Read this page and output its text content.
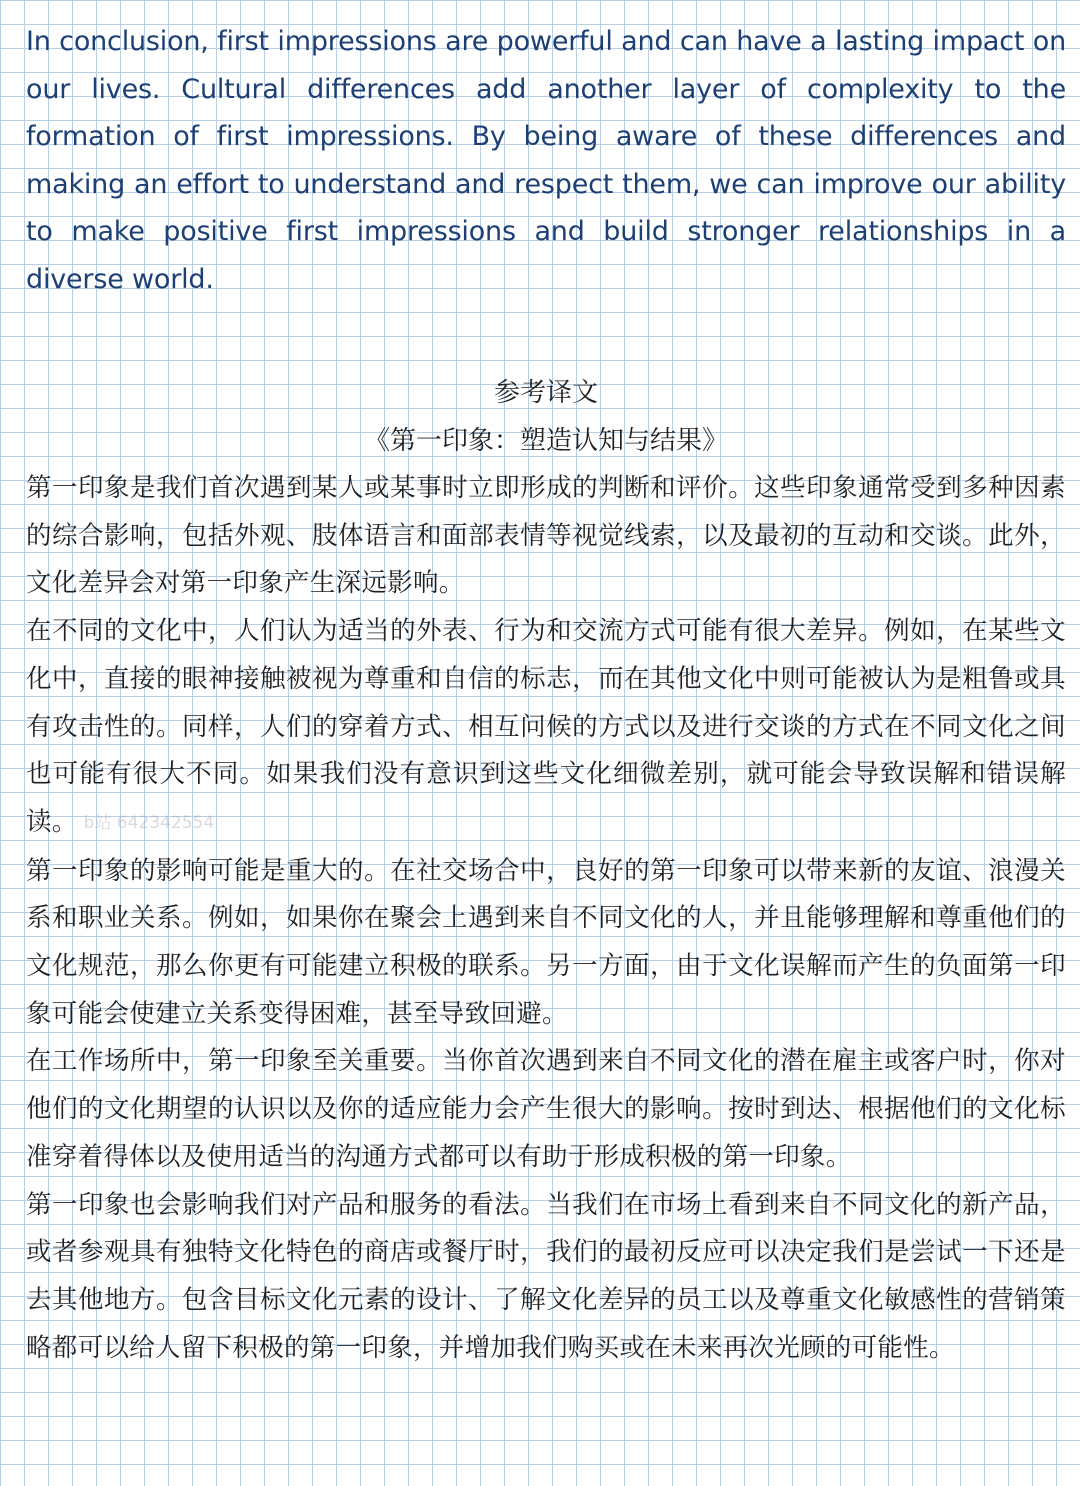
In conclusion, first impressions are powerful and can have a lasting impact on our lives. Cultural differences add another layer of complexity to the formation of first impressions. By being aware of these differences and making an effort to understand and respect them, we can improve our ability to make positive first impressions and build stronger relationships in a diverse world.

参考译文

《第一印象：塑造认知与结果》

第一印象是我们首次遇到某人或某事时立即形成的判断和评价。这些印象通常受到多种因素的综合影响，包括外观、肢体语言和面部表情等视觉线索，以及最初的互动和交谈。此外，文化差异会对第一印象产生深远影响。

在不同的文化中，人们认为适当的外表、行为和交流方式可能有很大差异。例如，在某些文化中，直接的眼神接触被视为尊重和自信的标志，而在其他文化中则可能被认为是粗鲁或具有攻击性的。同样，人们的穿着方式、相互问候的方式以及进行交谈的方式在不同文化之间也可能有很大不同。如果我们没有意识到这些文化细微差别，就可能会导致误解和错误解读。 b站 642342554

第一印象的影响可能是重大的。在社交场合中，良好的第一印象可以带来新的友谊、浪漫关系和职业关系。例如，如果你在聚会上遇到来自不同文化的人，并且能够理解和尊重他们的文化规范，那么你更有可能建立积极的联系。另一方面，由于文化误解而产生的负面第一印象可能会使建立关系变得困难，甚至导致回避。

在工作场所中，第一印象至关重要。当你首次遇到来自不同文化的潜在雇主或客户时，你对他们的文化期望的认识以及你的适应能力会产生很大的影响。按时到达、根据他们的文化标准穿着得体以及使用适当的沟通方式都可以有助于形成积极的第一印象。

第一印象也会影响我们对产品和服务的看法。当我们在市场上看到来自不同文化的新产品，或者参观具有独特文化特色的商店或餐厅时，我们的最初反应可以决定我们是尝试一下还是去其他地方。包含目标文化元素的设计、了解文化差异的员工以及尊重文化敏感性的营销策略都可以给人留下积极的第一印象，并增加我们购买或在未来再次光顾的可能性。
